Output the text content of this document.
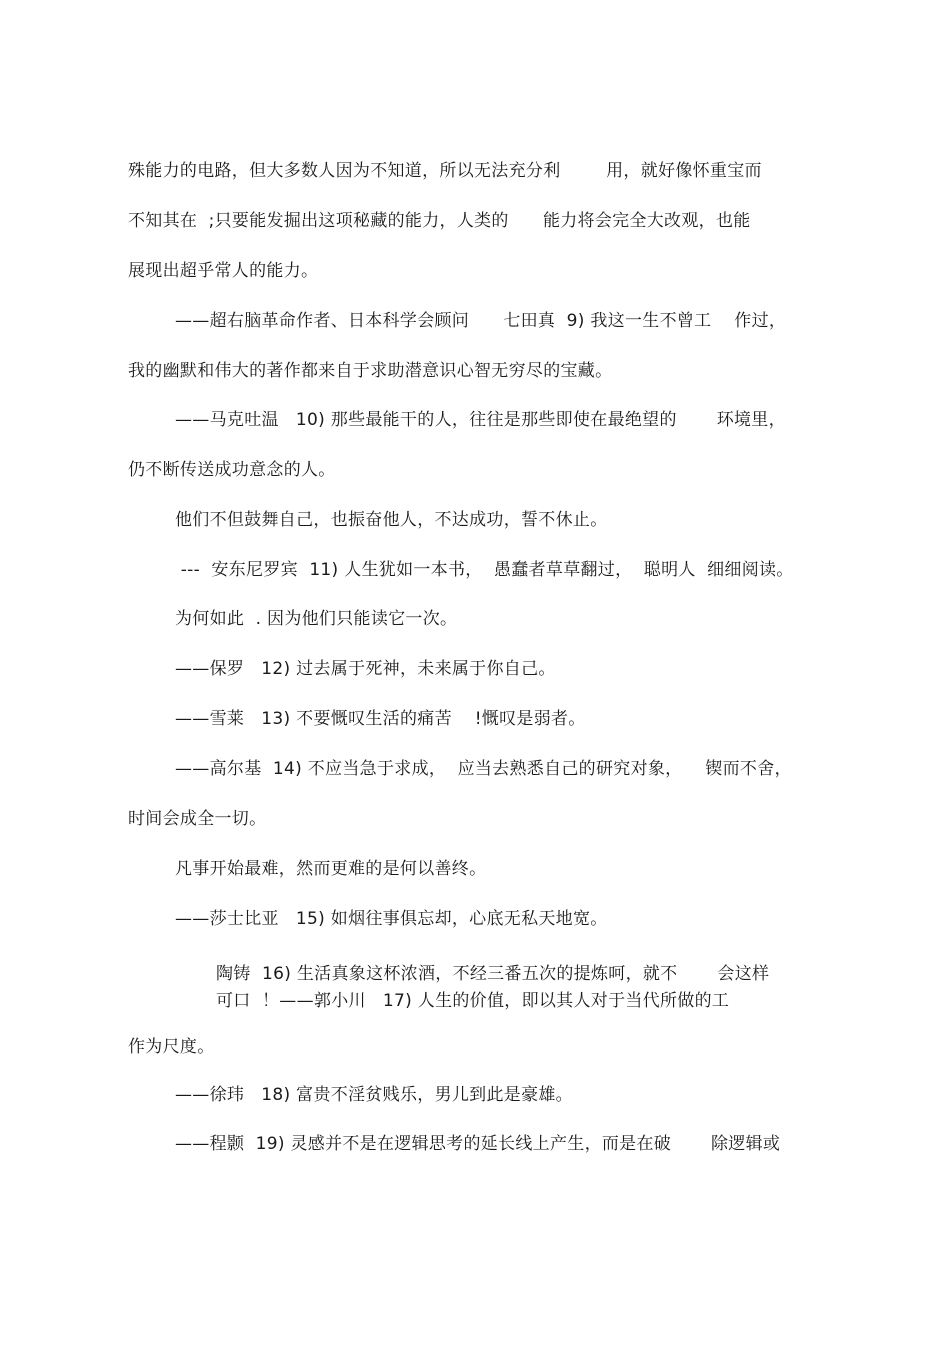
殊能力的电路，但大多数人因为不知道，所以无法充分利        用，就好像怀重宝而
不知其在  ;只要能发掘出这项秘藏的能力，人类的      能力将会完全大改观，也能
展现出超乎常人的能力。
——超右脑革命作者、日本科学会顾问      七田真  9) 我这一生不曾工    作过，
我的幽默和伟大的著作都来自于求助潜意识心智无穷尽的宝藏。
——马克吐温   10) 那些最能干的人，往往是那些即使在最绝望的       环境里，
仍不断传送成功意念的人。
他们不但鼓舞自己，也振奋他人，不达成功，誓不休止。
---  安东尼罗宾  11) 人生犹如一本书，  愚蠢者草草翻过，  聪明人  细细阅读。
为何如此  . 因为他们只能读它一次。
——保罗   12) 过去属于死神，未来属于你自己。
——雪莱   13) 不要慨叹生活的痛苦    !慨叹是弱者。
——高尔基  14) 不应当急于求成，  应当去熟悉自己的研究对象，    锲而不舍，
时间会成全一切。
凡事开始最难，然而更难的是何以善终。
——莎士比亚   15) 如烟往事俱忘却，心底无私天地宽。
陶铸  16) 生活真象这杯浓酒，不经三番五次的提炼呵，就不       会这样
可口  ！——郭小川   17) 人生的价值，即以其人对于当代所做的工
作为尺度。
——徐玮   18) 富贵不淫贫贱乐，男儿到此是豪雄。
——程颢  19) 灵感并不是在逻辑思考的延长线上产生，而是在破       除逻辑或
